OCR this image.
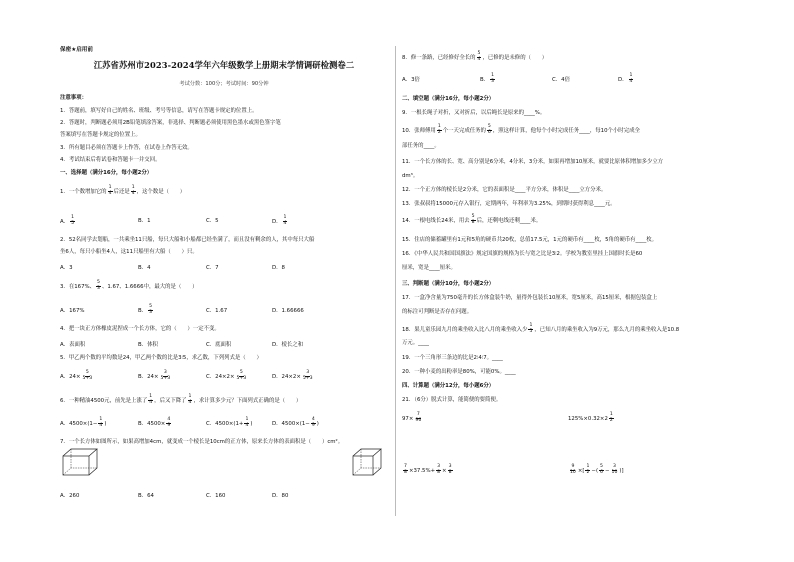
保密★启用前
江苏省苏州市2023-2024学年六年级数学上册期末学情调研检测卷二
考试分数：100分；考试时间：90分钟
注意事项：
1．答题前，填写好自己的姓名、班级、考号等信息，请写在答题卡规定的位置上。
2．答题时，判断题必须用2B铅笔填涂答案，非选择、判断题必须使用黑色墨水或黑色签字笔
答案填写在答题卡规定的位置上。
3．所有题目必须在答题卡上作答，在试卷上作答无效。
4．考试结束后将试卷和答题卡一并交回。
一、选择题（满分16分，每小题2分）
1．一个数增加它的 $\frac{1}{4}$ 后还是 $\frac{1}{4}$ ，这个数是（　　）
A． $\frac{1}{5}$	B．1	C．5	D． $\frac{1}{4}$
2．52名同学去划船，一共乘坐11只船，每只大船和小船都已经坐满了，而且没有剩余的人，其中每只大船
坐6人，每只小船坐4人，这11只船里有大船（　　）只。
A．3	B．4	C．7	D．8
3．在167%、 $\frac{5}{3}$ 、1.67、1.6666中，最大的是（　　）
A．167%	B． $\frac{5}{3}$	C．1.67	D．1.66666
4．把一块正方体橡皮泥捏成一个长方体，它的（　　）一定不变。
A．表面积	B．体积	C．底面积	D．棱长之和
5．甲乙两个数的平均数是24，甲乙两个数的比是3∶5，求乙数，下列列式是（　　）
A．$24\times \frac{5}{5+3}$	B．$24\times \frac{3}{5+3}$	C．$24\times 2\times \frac{5}{5+3}$	D．$24\times 2\times \frac{3}{5+3}$
6．一种精油4500元，前先是上涨了 $\frac{1}{4}$ ，后又下降了 $\frac{1}{4}$ ，求计算多少元？下面列式正确的是（　　）
A．$4500\times(1- \frac{1}{4}$ )	B．$4500\times \frac{4}{9}$	C．$4500\times(1+ \frac{1}{4}$ )	D．$4500\times(1- \frac{4}{9}$ )
7．一个长方体如图所示，如果高增加4cm，就变成一个棱长是10cm的正方体，原来长方体的表面积是（　　）cm²。
A．260	B．64	C．160	D．80
8．修一条路，已经修好全长的 $\frac{5}{4}$ ，已修的是未修的（　　）
A．3倍	B． $\frac{1}{3}$	C．4倍	D． $\frac{1}{4}$
二、填空题（满分16分，每小题2分）
9．一根长绳子对折，又对折后，以后绳长是原来的____%。
10．张师傅用 $\frac{1}{2}$ 个一天完成任务的 $\frac{5}{6}$ ，照这样计算，他每个小时完成任务____，每10个小时完成全
部任务的____。
11．一个长方体的长、宽、高分别是6分米，4分米，3分米，如果再增加10厘米，就要比原体积增加多少立方
dm³。
12．一个正方体的棱长是2分米，它的表面积是____平方分米，体积是____立方分米。
13．张叔叔将15000元存入银行，定期两年，年利率为3.25%，到期时获得利息____元。
14．一根电线长24米，用去 $\frac{5}{8}$ 后，还剩电线还剩____米。
15．住店的储蓄罐里有1元和5角的硬币共20枚，总值17.5元，1元的硬币有____枚，5角的硬币有____枚。
16．《中华人民共和国国旗法》规定国旗的规格为长与宽之比是3∶2。学校为教室里挂上国旗时长是60
厘米，宽是____厘米。
三、判断题（满分10分，每小题2分）
17．一盒净含量为750毫升的长方体盒装牛奶，量得外包装长10厘米，宽5厘米，高15厘米，根据包装盒上
的标注可判断是否存在问题。
18．果儿童乐园九月的乘坐收入比八月的乘坐收入少 $\frac{1}{5}$ ，已知八月的乘坐收入为9万元，那么九月的乘坐收入是10.8
万元。____
19．一个三角形三条边的比是2∶4∶7。____
20．一种小麦的出粉率是80%，可能0%。____
四、计算题（满分12分，每小题6分）
21．（6分）脱式计算，能简便的要简便。
$97\times \frac{7}{96}$	$125\%\times 0.32\times 2 \frac{1}{2}$
$\frac{7}{8} \times 37.5\%+ \frac{3}{8} \times \frac{3}{8}$	$\frac{9}{10}$ ×[ $\frac{1}{2}$ −( $\frac{5}{6} - \frac{3}{10}$ )]
